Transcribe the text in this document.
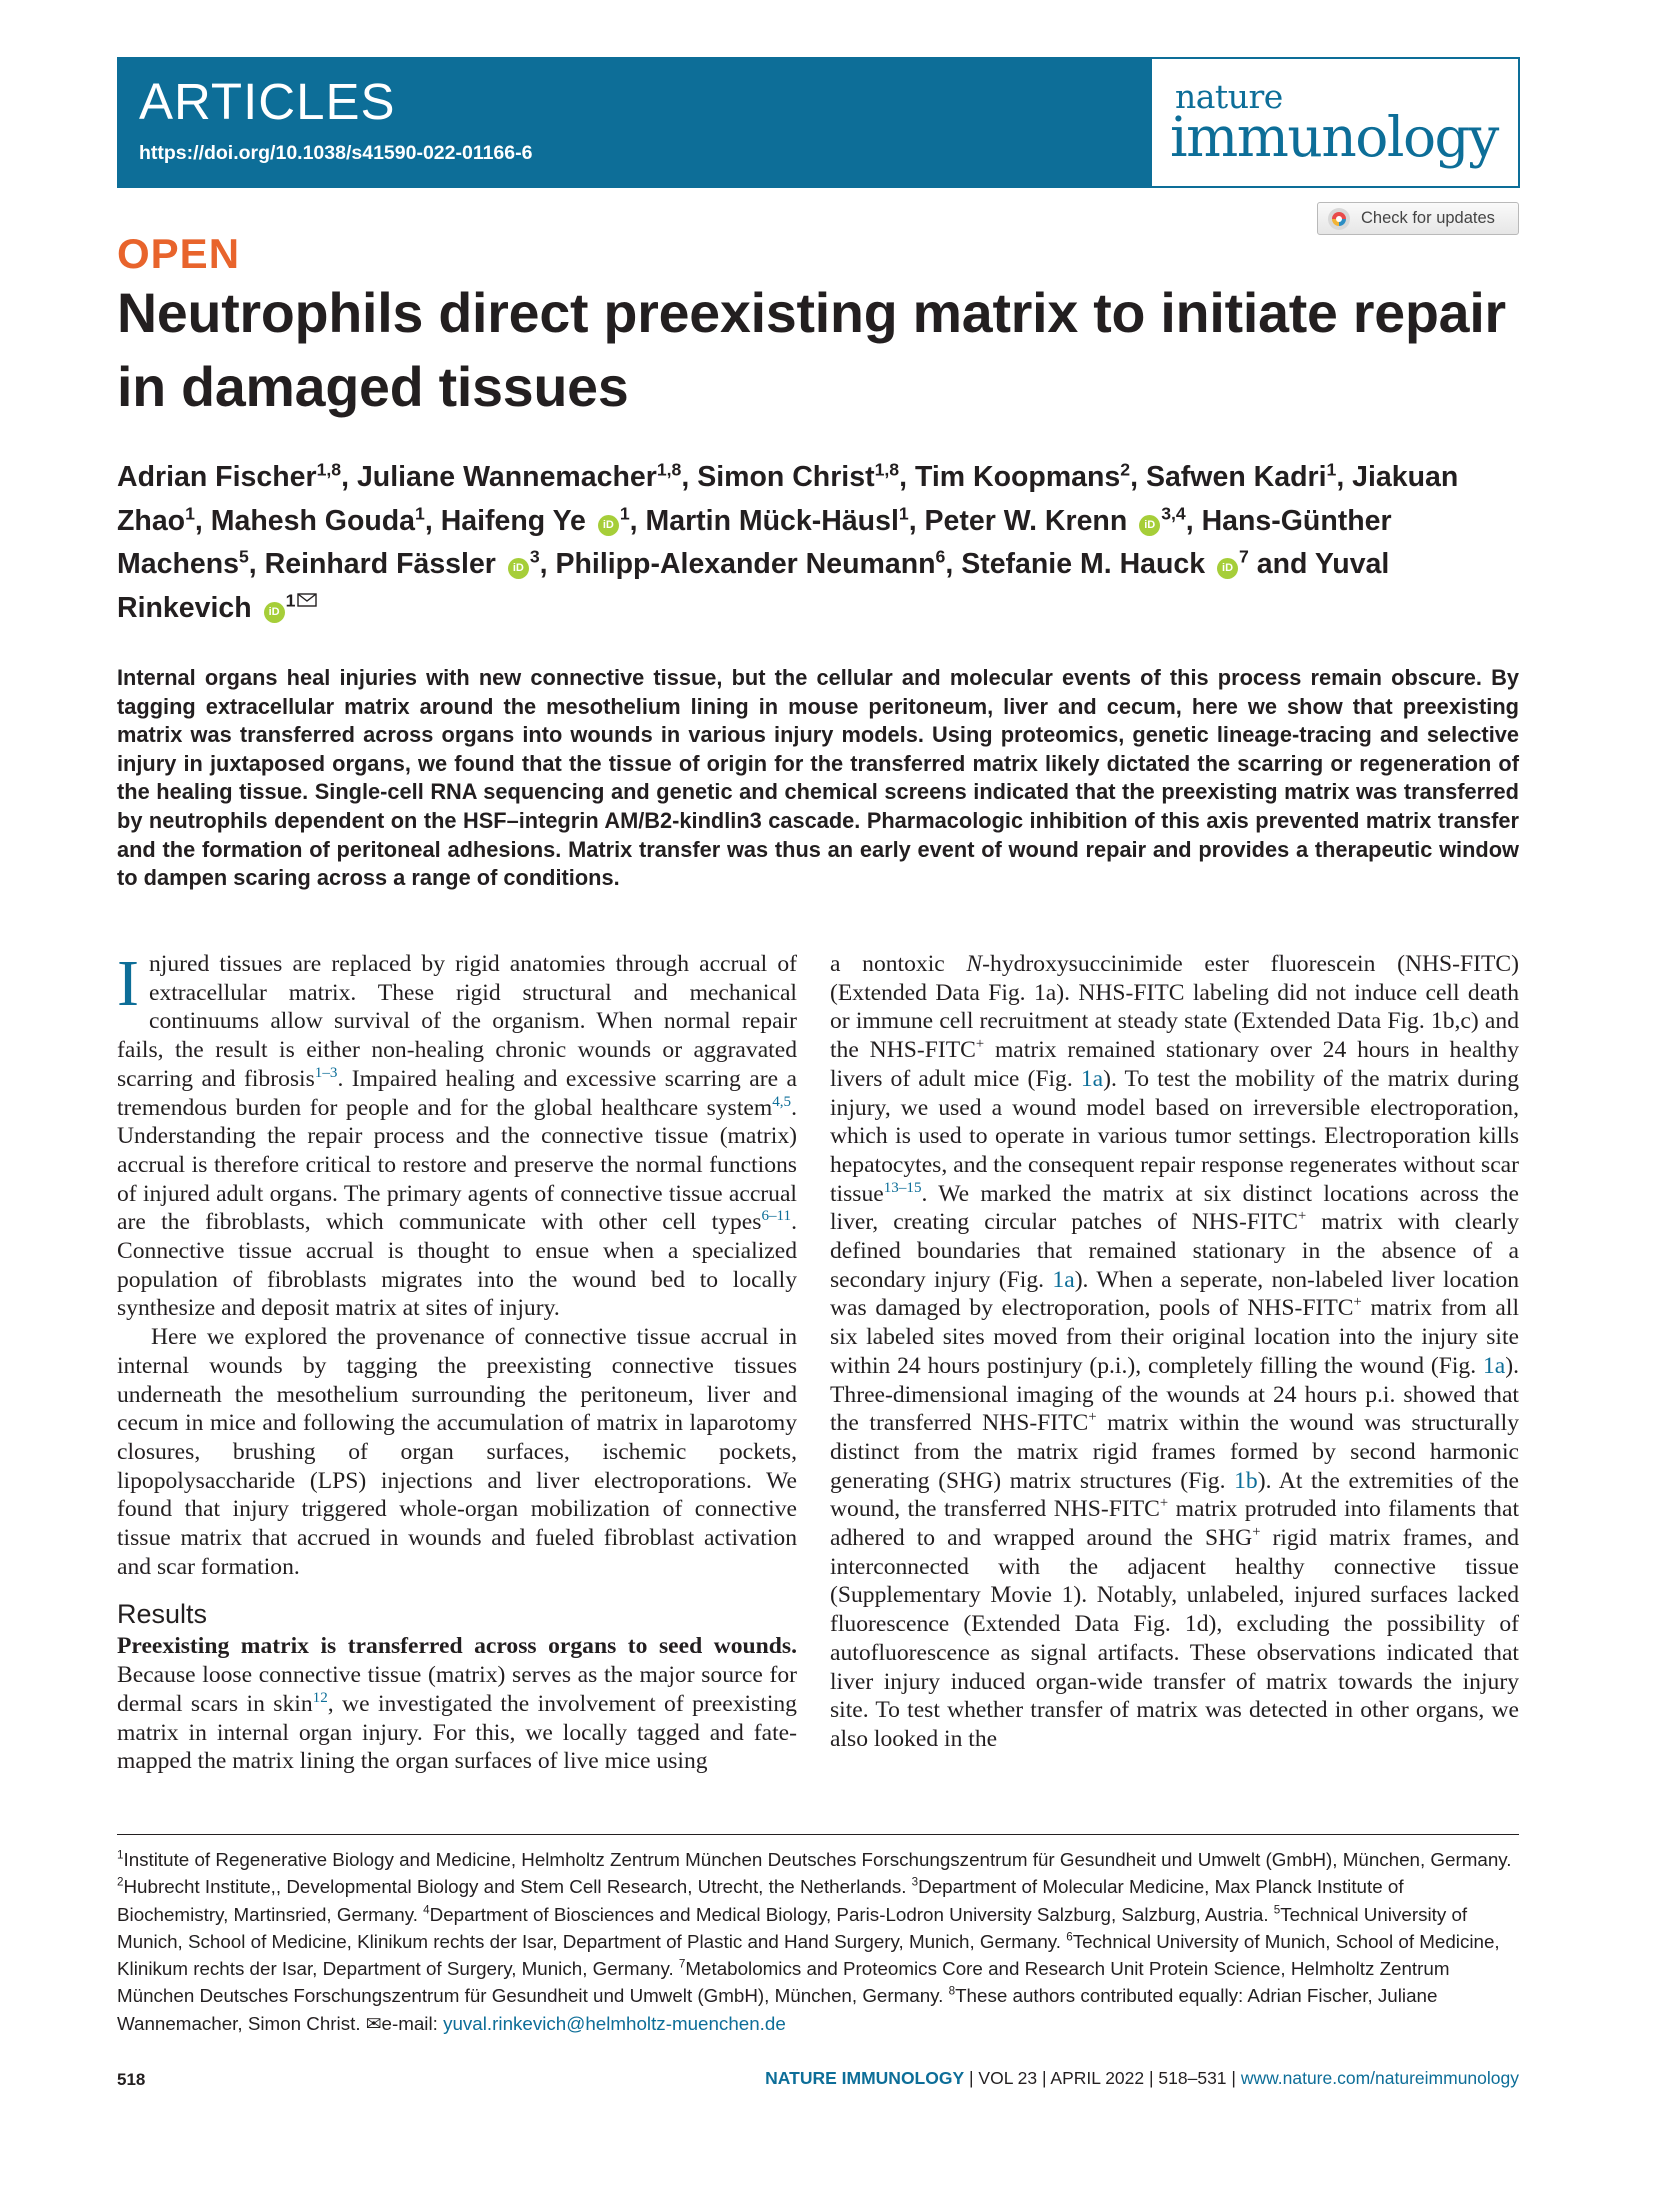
ARTICLES
https://doi.org/10.1038/s41590-022-01166-6
nature
immunology
Check for updates
OPEN
Neutrophils direct preexisting matrix to initiate repair in damaged tissues
Adrian Fischer$^{1,8}$, Juliane Wannemacher$^{1,8}$, Simon Christ$^{1,8}$, Tim Koopmans$^2$, Safwen Kadri$^1$, Jiakuan Zhao$^1$, Mahesh Gouda$^1$, Haifeng Ye $iD^1$, Martin Mück-Häusl$^1$, Peter W. Krenn iD$^{3,4}$, Hans-Günther Machens$^5$, Reinhard Fässler $iD^3$, Philipp-Alexander Neumann$^6$, Stefanie M. Hauck $iD^7$ and Yuval Rinkevich $iD^1$
Internal organs heal injuries with new connective tissue, but the cellular and molecular events of this process remain obscure. By tagging extracellular matrix around the mesothelium lining in mouse peritoneum, liver and cecum, here we show that preexisting matrix was transferred across organs into wounds in various injury models. Using proteomics, genetic lineage-tracing and selective injury in juxtaposed organs, we found that the tissue of origin for the transferred matrix likely dictated the scarring or regeneration of the healing tissue. Single-cell RNA sequencing and genetic and chemical screens indicated that the preexisting matrix was transferred by neutrophils dependent on the HSF–integrin AM/B2-kindlin3 cascade. Pharmacologic inhibition of this axis prevented matrix transfer and the formation of peritoneal adhesions. Matrix transfer was thus an early event of wound repair and provides a therapeutic window to dampen scaring across a range of conditions.

Injured tissues are replaced by rigid anatomies through accrual of extracellular matrix. These rigid structural and mechanical continuums allow survival of the organism. When normal repair fails, the result is either non-healing chronic wounds or aggravated scarring and fibrosis$^{1-3}$. Impaired healing and excessive scarring are a tremendous burden for people and for the global healthcare system$^{4,5}$. Understanding the repair process and the connective tissue (matrix) accrual is therefore critical to restore and preserve the normal functions of injured adult organs. The primary agents of connective tissue accrual are the fibroblasts, which communicate with other cell types$^{6-11}$. Connective tissue accrual is thought to ensue when a specialized population of fibroblasts migrates into the wound bed to locally synthesize and deposit matrix at sites of injury.

Here we explored the provenance of connective tissue accrual in internal wounds by tagging the preexisting connective tissues underneath the mesothelium surrounding the peritoneum, liver and cecum in mice and following the accumulation of matrix in laparotomy closures, brushing of organ surfaces, ischemic pockets, lipopolysaccharide (LPS) injections and liver electroporations. We found that injury triggered whole-organ mobilization of connective tissue matrix that accrued in wounds and fueled fibroblast activation and scar formation.

Results

Preexisting matrix is transferred across organs to seed wounds. Because loose connective tissue (matrix) serves as the major source for dermal scars in skin$^{12}$, we investigated the involvement of preexisting matrix in internal organ injury. For this, we locally tagged and fate-mapped the matrix lining the organ surfaces of live mice using

a nontoxic N-hydroxysuccinimide ester fluorescein (NHS-FITC) (Extended Data Fig. 1a). NHS-FITC labeling did not induce cell death or immune cell recruitment at steady state (Extended Data Fig. 1b,c) and the NHS-FITC+ matrix remained stationary over 24 hours in healthy livers of adult mice (Fig. 1a). To test the mobility of the matrix during injury, we used a wound model based on irreversible electroporation, which is used to operate in various tumor settings. Electroporation kills hepatocytes, and the consequent repair response regenerates without scar tissue$^{13-15}$. We marked the matrix at six distinct locations across the liver, creating circular patches of NHS-FITC+ matrix with clearly defined boundaries that remained stationary in the absence of a secondary injury (Fig. 1a). When a seperate, non-labeled liver location was damaged by electroporation, pools of NHS-FITC+ matrix from all six labeled sites moved from their original location into the injury site within 24 hours postinjury (p.i.), completely filling the wound (Fig. 1a). Three-dimensional imaging of the wounds at 24 hours p.i. showed that the transferred NHS-FITC+ matrix within the wound was structurally distinct from the matrix rigid frames formed by second harmonic generating (SHG) matrix structures (Fig. 1b). At the extremities of the wound, the transferred NHS-FITC+ matrix protruded into filaments that adhered to and wrapped around the SHG+ rigid matrix frames, and interconnected with the adjacent healthy connective tissue (Supplementary Movie 1). Notably, unlabeled, injured surfaces lacked fluorescence (Extended Data Fig. 1d), excluding the possibility of autofluorescence as signal artifacts. These observations indicated that liver injury induced organ-wide transfer of matrix towards the injury site. To test whether transfer of matrix was detected in other organs, we also looked in the

$^1$Institute of Regenerative Biology and Medicine, Helmholtz Zentrum München Deutsches Forschungszentrum für Gesundheit und Umwelt (GmbH), München, Germany. $^2$Hubrecht Institute,, Developmental Biology and Stem Cell Research, Utrecht, the Netherlands. $^3$Department of Molecular Medicine, Max Planck Institute of Biochemistry, Martinsried, Germany. $^4$Department of Biosciences and Medical Biology, Paris-Lodron University Salzburg, Salzburg, Austria. $^5$Technical University of Munich, School of Medicine, Klinikum rechts der Isar, Department of Plastic and Hand Surgery, Munich, Germany. $^6$Technical University of Munich, School of Medicine, Klinikum rechts der Isar, Department of Surgery, Munich, Germany. $^7$Metabolomics and Proteomics Core and Research Unit Protein Science, Helmholtz Zentrum München Deutsches Forschungszentrum für Gesundheit und Umwelt (GmbH), München, Germany. $^8$These authors contributed equally: Adrian Fischer, Juliane Wannemacher, Simon Christ. ✉e-mail: yuval.rinkevich@helmholtz-muenchen.de
518	NATURE IMMUNOLOGY | VOL 23 | APRIL 2022 | 518–531 | www.nature.com/natureimmunology
